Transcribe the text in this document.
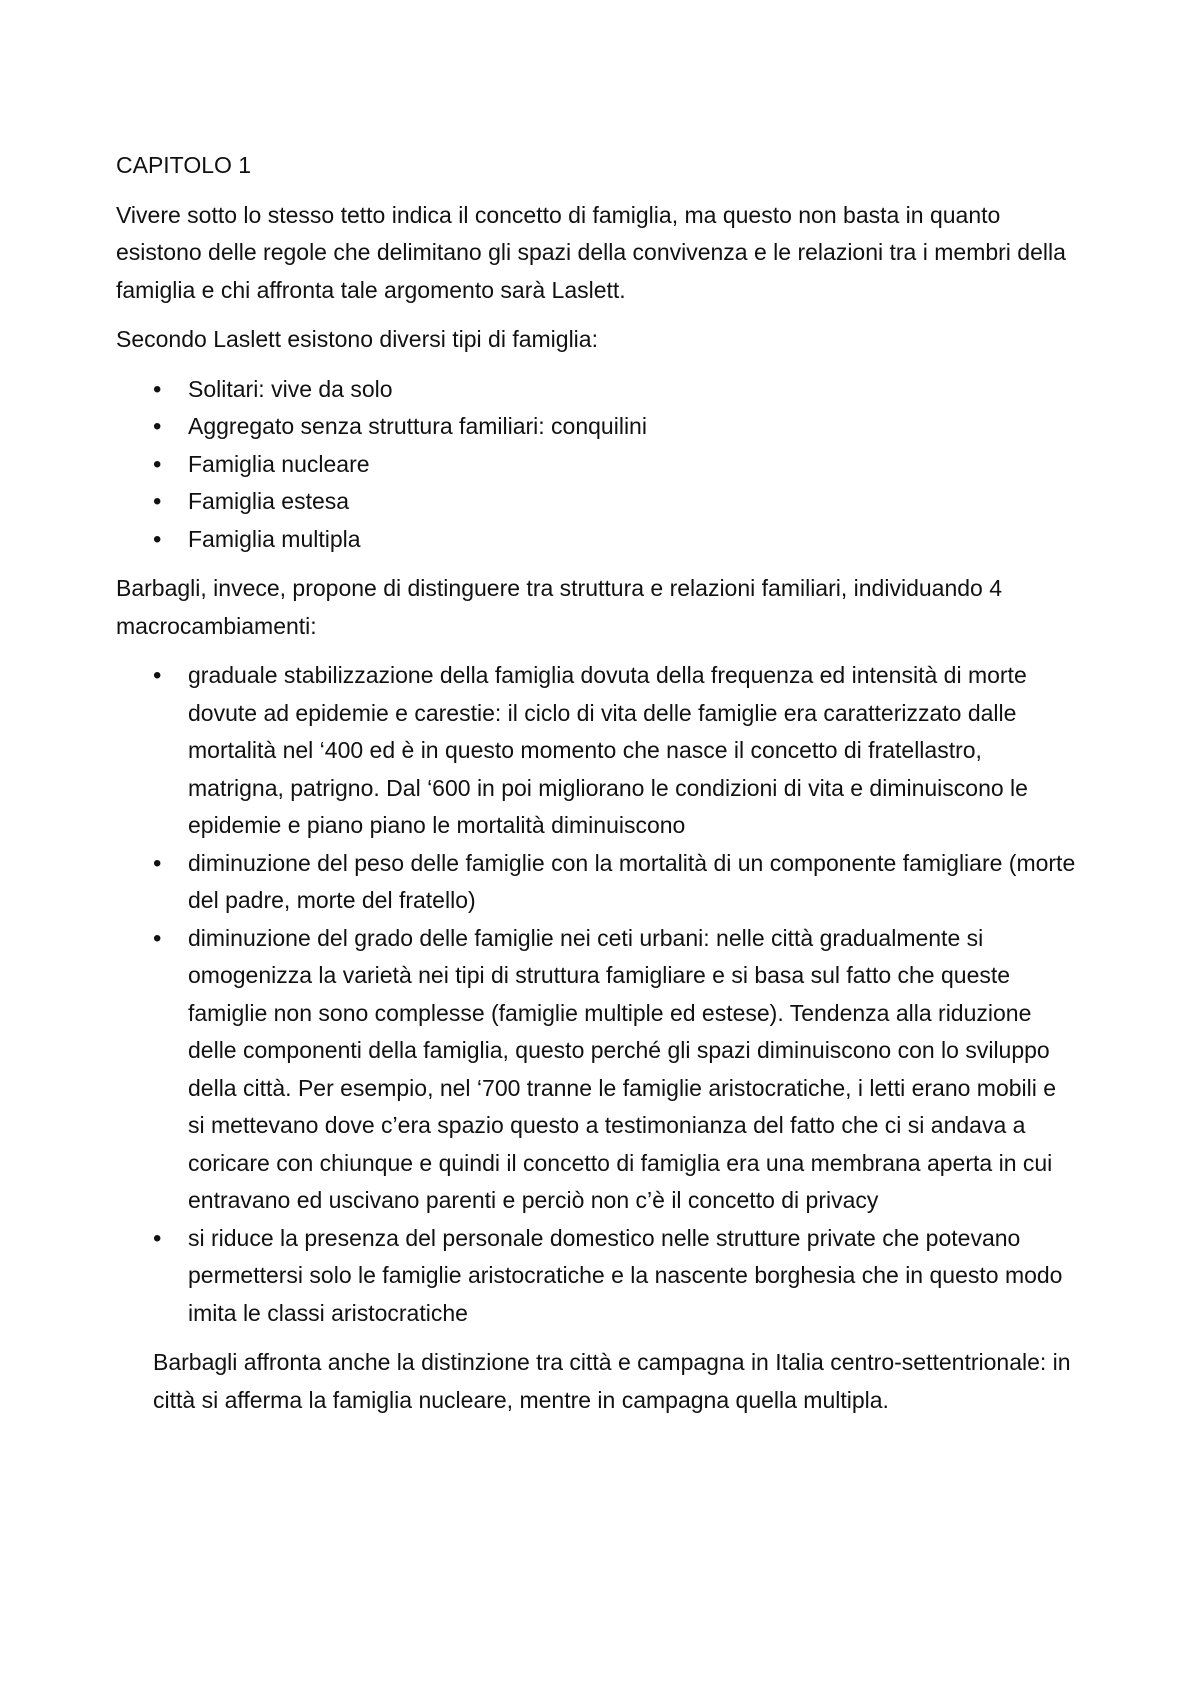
CAPITOLO 1

Vivere sotto lo stesso tetto indica il concetto di famiglia, ma questo non basta in quanto esistono delle regole che delimitano gli spazi della convivenza e le relazioni tra i membri della famiglia e chi affronta tale argomento sarà Laslett.

Secondo Laslett esistono diversi tipi di famiglia:

• Solitari: vive da solo
• Aggregato senza struttura familiari: conquilini
• Famiglia nucleare
• Famiglia estesa
• Famiglia multipla

Barbagli, invece, propone di distinguere tra struttura e relazioni familiari, individuando 4 macrocambiamenti:

• graduale stabilizzazione della famiglia dovuta della frequenza ed intensità di morte dovute ad epidemie e carestie: il ciclo di vita delle famiglie era caratterizzato dalle mortalità nel ‘400 ed è in questo momento che nasce il concetto di fratellastro, matrigna, patrigno. Dal ‘600 in poi migliorano le condizioni di vita e diminuiscono le epidemie e piano piano le mortalità diminuiscono
• diminuzione del peso delle famiglie con la mortalità di un componente famigliare (morte del padre, morte del fratello)
• diminuzione del grado delle famiglie nei ceti urbani: nelle città gradualmente si omogenizza la varietà nei tipi di struttura famigliare e si basa sul fatto che queste famiglie non sono complesse (famiglie multiple ed estese). Tendenza alla riduzione delle componenti della famiglia, questo perché gli spazi diminuiscono con lo sviluppo della città. Per esempio, nel ‘700 tranne le famiglie aristocratiche, i letti erano mobili e si mettevano dove c’era spazio questo a testimonianza del fatto che ci si andava a coricare con chiunque e quindi il concetto di famiglia era una membrana aperta in cui entravano ed uscivano parenti e perciò non c’è il concetto di privacy
• si riduce la presenza del personale domestico nelle strutture private che potevano permettersi solo le famiglie aristocratiche e la nascente borghesia che in questo modo imita le classi aristocratiche

Barbagli affronta anche la distinzione tra città e campagna in Italia centro-settentrionale: in città si afferma la famiglia nucleare, mentre in campagna quella multipla.
